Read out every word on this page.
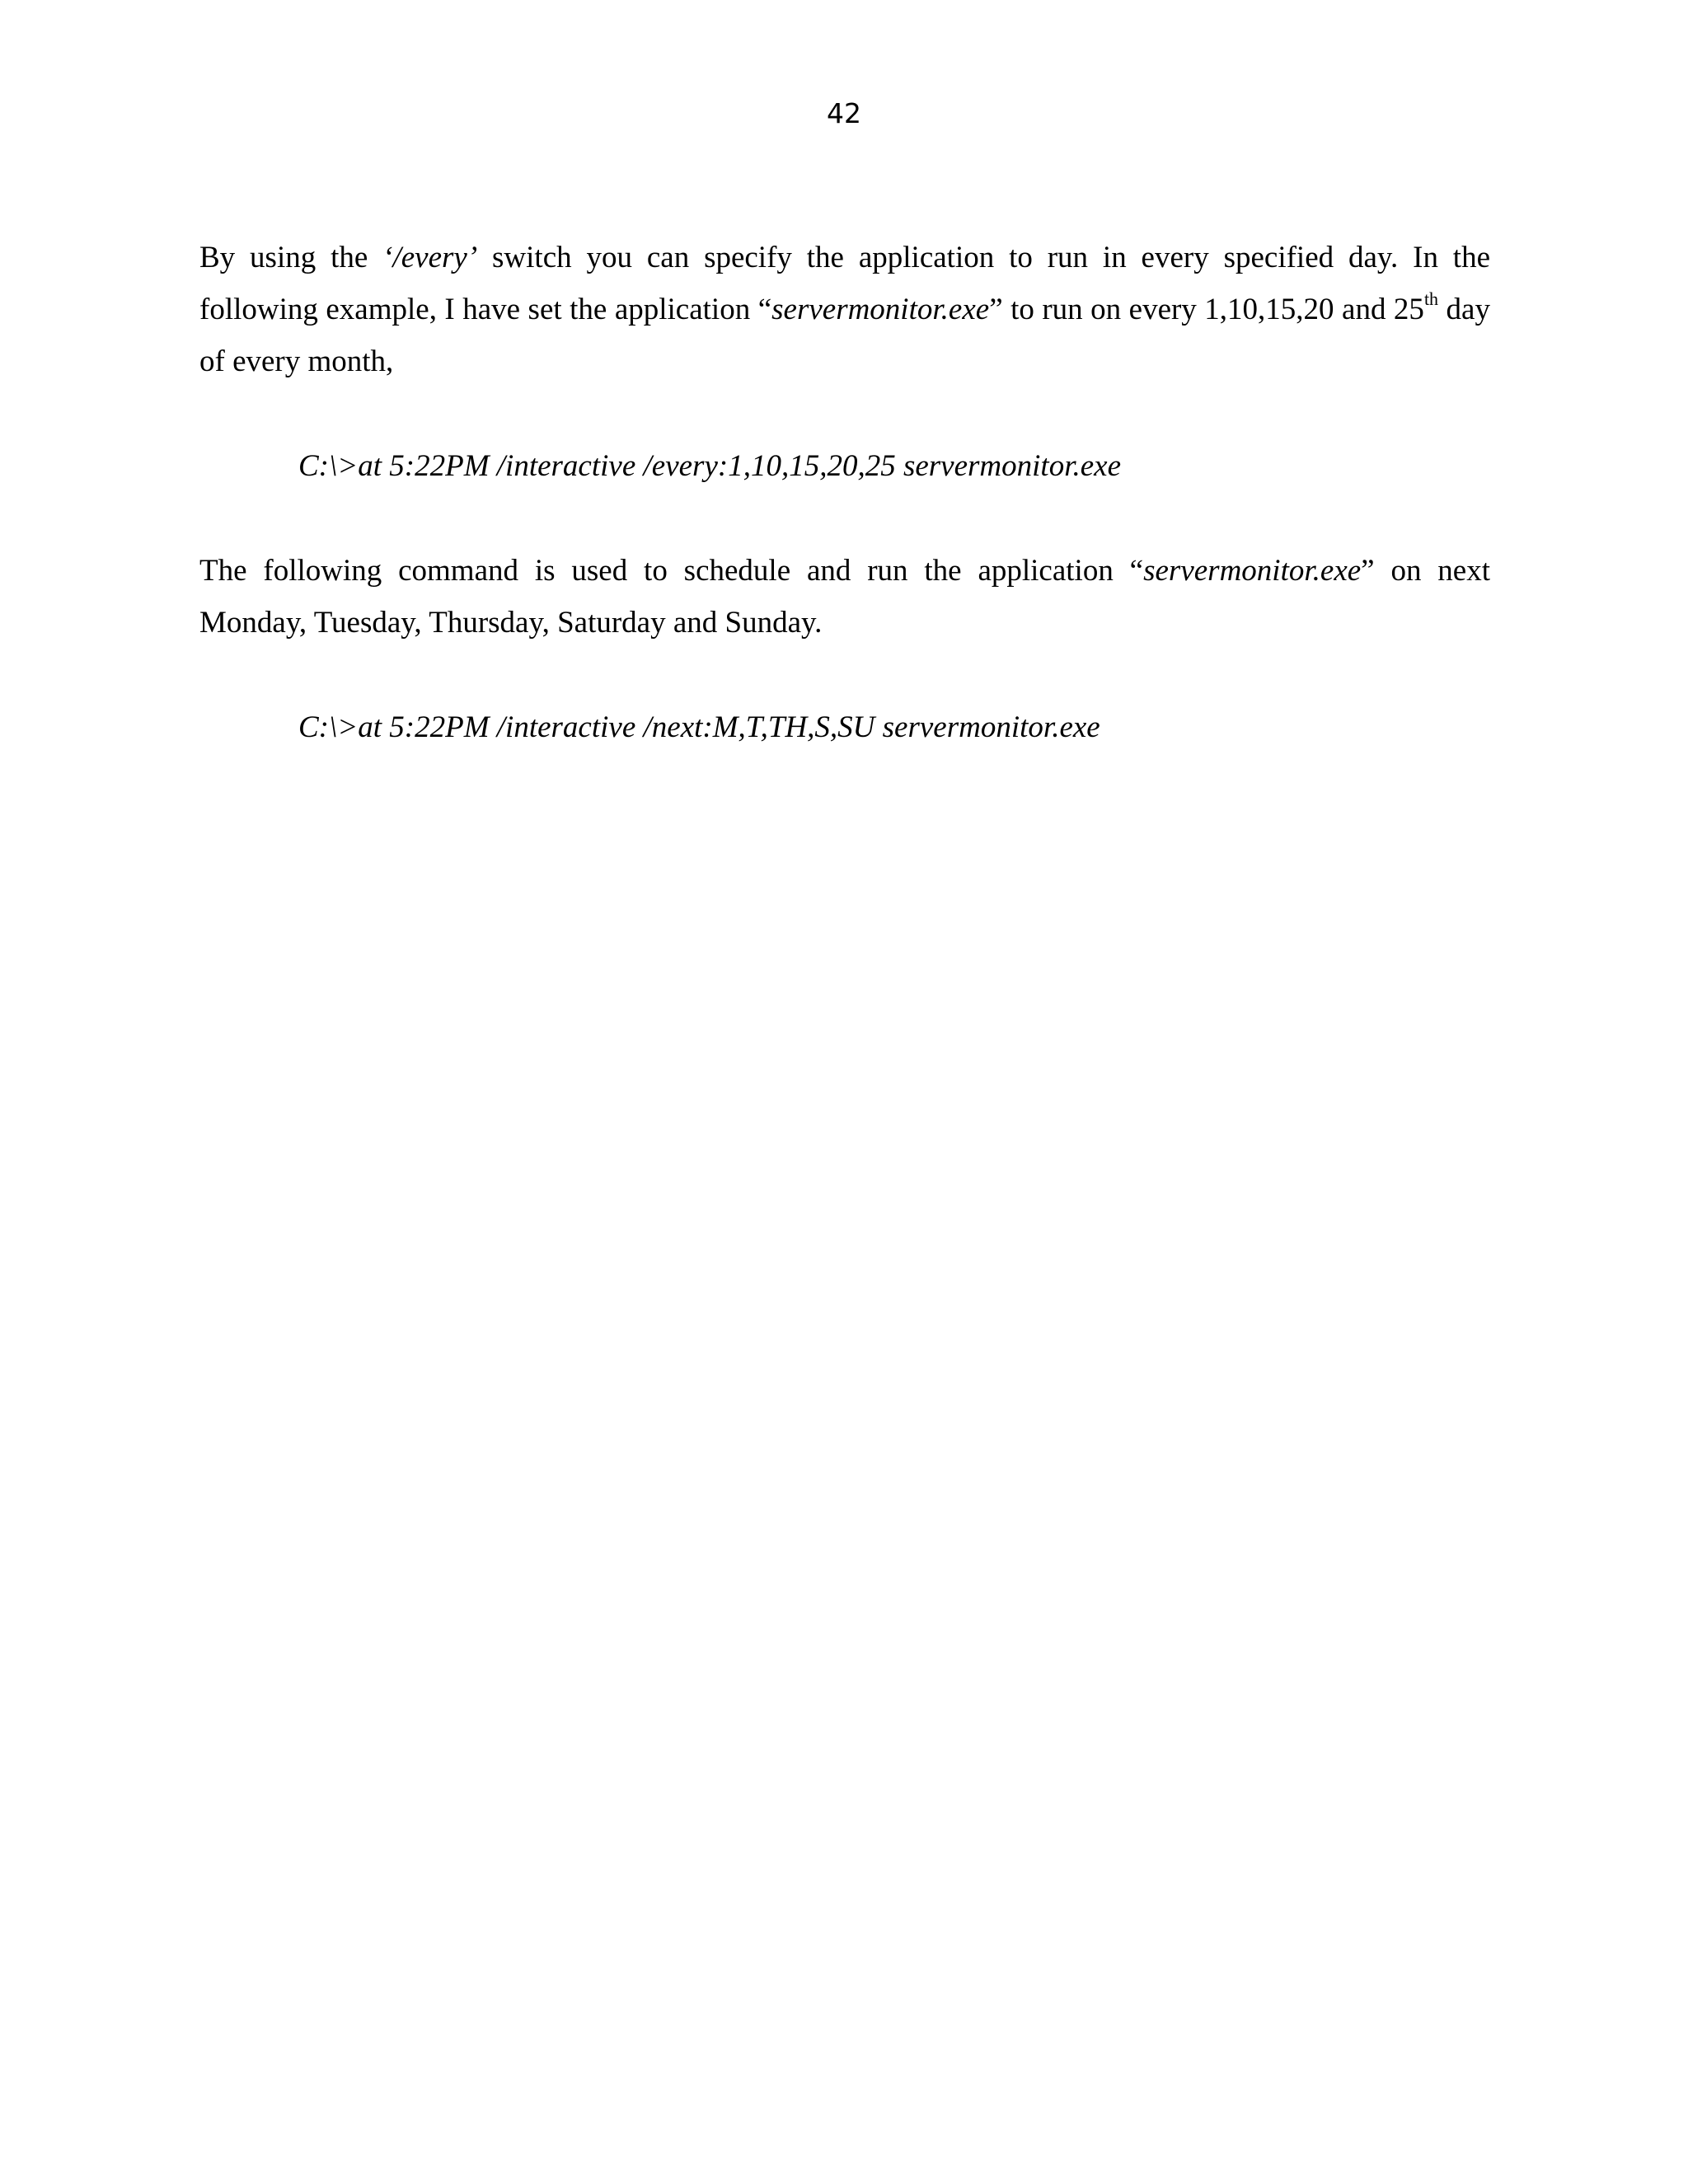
42

By using the ‘/every’ switch you can specify the application to run in every specified day. In the following example, I have set the application “servermonitor.exe” to run on every 1,10,15,20 and 25th day of every month,

C:\>at 5:22PM /interactive /every:1,10,15,20,25 servermonitor.exe

The following command is used to schedule and run the application “servermonitor.exe” on next Monday, Tuesday, Thursday, Saturday and Sunday.

C:\>at 5:22PM /interactive /next:M,T,TH,S,SU servermonitor.exe
